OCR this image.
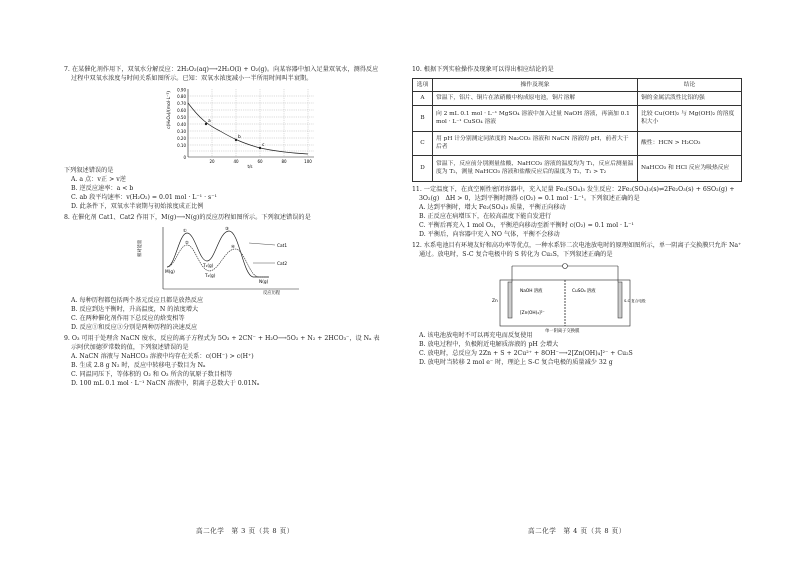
7. 在某催化剂作用下，双氧水分解反应：2H₂O₂(aq)⟶2H₂O(l) + O₂(g)。向某容器中加入足量双氧水，测得反应过程中双氧水浓度与时间关系如图所示。已知：双氧水浓度减小一半所用时间叫半衰期。
c(H₂O₂)/(mol·L⁻¹)
0.90
0.80
0.70
0.60
0.50
0.40
0.30
0.20
0.10
0
20	40	60	80	100
t/s
a
b
c
下列叙述错误的是
A. a 点：v正 > v逆
B. 逆反应速率：a < b
C. ab 段平均速率：v(H₂O₂) = 0.01 mol · L⁻¹ · s⁻¹
D. 此条件下，双氧水半衰期与初始浓度成正比例
8. 在催化剂 Cat1、Cat2 作用下，M(g)⟶N(g)的反应历程如图所示。下列叙述错误的是
相对能量
①
②
③
④
M(g)
N(g)
T₁(g)
T₂(g)
Cat1
Cat2
反应历程
A. 每种历程都包括两个基元反应且都是放热反应
B. 反应到达平衡时，升高温度，N 的浓度增大
C. 在两种催化剂作用下总反应的焓变相等
D. 反应①和反应③分别是两种历程的决速反应
9. O₃ 可用于处理含 NaCN 废水，反应的离子方程式为 5O₃ + 2CN⁻ + H₂O⟶5O₂ + N₂ + 2HCO₃⁻，设 Nₐ 表示阿伏加德罗常数的值，下列叙述错误的是
A. NaCN 溶液与 NaHCO₃ 溶液中均存在关系：c(OH⁻) > c(H⁺)
B. 生成 2.8 g N₂ 时，反应中转移电子数目为 Nₐ
C. 同温同压下，等体积的 O₂ 和 O₃ 所含的氧原子数目相等
D. 100 mL 0.1 mol · L⁻¹ NaCN 溶液中，阴离子总数大于 0.01Nₐ
高二化学　第 3 页（共 8 页）
10. 根据下列实验操作及现象可以得出相应结论的是
选项	操作及现象	结论
A	常温下，铝片、铜片在浓硝酸中构成原电池，铜片溶解	铜的金属活泼性比铝的强
B	向 2 mL 0.1 mol · L⁻¹ MgSO₄ 溶液中加入过量 NaOH 溶液，再滴加 0.1 mol · L⁻¹ CuSO₄ 溶液	比较 Cu(OH)₂ 与 Mg(OH)₂ 的溶度积大小
C	用 pH 计分别测定同浓度的 Na₂CO₃ 溶液和 NaCN 溶液的 pH，前者大于后者	酸性：HCN > H₂CO₃
D	常温下，反应前分别测量盐酸、NaHCO₃ 溶液的温度均为 T₁，反应后测量温度为 T₂，测量 NaHCO₃ 溶液和盐酸反应后的温度为 T₂，T₁ > T₂	NaHCO₃ 和 HCl 反应为吸热反应
11. 一定温度下，在真空刚性密闭容器中，充入足量 Fe₂(SO₄)₃ 发生反应：2Fe₂(SO₄)₃(s)⇌2Fe₂O₃(s) + 6SO₂(g) + 3O₂(g)　ΔH > 0，达到平衡时测得 c(O₂) = 0.1 mol · L⁻¹。下列叙述正确的是
A. 达到平衡时，增大 Fe₂(SO₄)₃ 质量，平衡正向移动
B. 正反应在病增压下，在较高温度下能自发进行
C. 平衡后再充入 1 mol O₂，平衡逆向移动至新平衡时 c(O₂) = 0.1 mol · L⁻¹
D. 平衡后，向容器中充入 NO 气体，平衡不会移动
12. 水系电池目有环境友好和高功率等优点，一种水系锌二次电池放电时的原理如图所示，单一阴离子交换膜只允许 Na⁺ 通过。放电时，S-C 复合电极中的 S 转化为 Cu₂S，下列叙述正确的是
Zn
NaOH 溶液
[Zn(OH)₄]²⁻
CuSO₄ 溶液
S-C 复合电极
单一阴离子交换膜
A. 该电池放电时不可以再充电而反复使用
B. 放电过程中，负极附近电解质溶液的 pH 会增大
C. 放电时，总反应为 2Zn + S + 2Cu²⁺ + 8OH⁻⟶2[Zn(OH)₄]²⁻ + Cu₂S
D. 放电时当转移 2 mol e⁻ 时，理论上 S-C 复合电极的质量减少 32 g
高二化学　第 4 页（共 8 页）
